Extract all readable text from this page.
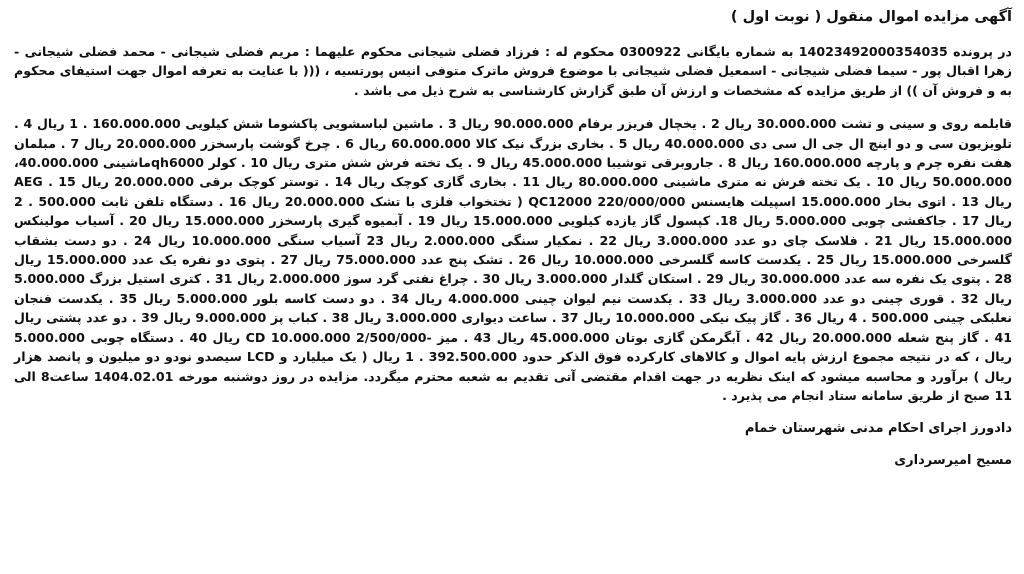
آگهی مزایده اموال منقول ( نوبت اول )

در پرونده 14023492000354035 به شماره بایگانی 0300922 محکوم له : فرزاد فضلی شیجانی محکوم علیهما : مریم فضلی شیجانی - محمد فضلی شیجانی - زهرا اقبال پور - سیما فضلی شیجانی - اسمعیل فضلی شیجانی با موضوع فروش ماترک متوفی انیس پورتسیه ، ((( با عنایت به تعرفه اموال جهت استیفای محکوم به و فروش آن )) از طریق مزایده که مشخصات و ارزش آن طبق گزارش کارشناسی به شرح ذیل می باشد .

قابلمه روی و سینی و تشت 30.000.000 ریال 2 . یخچال فریزر برفام 90.000.000 ریال 3 . ماشین لباسشویی پاکشوما شش کیلویی 160.000.000 . 1 ریال 4 . تلویزیون سی و دو اینچ ال جی ال سی دی 40.000.000 ریال 5 . بخاری بزرگ نیک کالا 60.000.000 ریال 6 . چرخ گوشت پارسخزر 20.000.000 ریال 7 . مبلمان هفت نفره چرم و پارچه 160.000.000 ریال 8 . جاروبرقی توشیبا 45.000.000 ریال 9 . یک تخته فرش شش متری ریال 10 . کولر qh6000ماشینی 40.000.000، 50.000.000 ریال 10 . یک تخته فرش نه متری ماشینی 80.000.000 ریال 11 . بخاری گازی کوچک ریال 14 . توستر کوچک برقی 20.000.000 ریال 15 . AEG ریال 13 . اتوی بخار 15.000.000 اسپیلت هایسنس QC12000 220/000/000 ( تختخواب فلزی با تشک 20.000.000 ریال 16 . دستگاه تلفن ثابت 500.000 . 2 ریال 17 . جاکفشی چوبی 5.000.000 ریال 18. کپسول گاز یازده کیلویی 15.000.000 ریال 19 . آبمیوه گیری پارسخزر 15.000.000 ریال 20 . آسیاب مولینکس 15.000.000 ریال 21 . فلاسک چای دو عدد 3.000.000 ریال 22 . نمکیار سنگی 2.000.000 ریال 23 آسیاب سنگی 10.000.000 ریال 24 . دو دست بشقاب گلسرخی 15.000.000 ریال 25 . یکدست کاسه گلسرخی 10.000.000 ریال 26 . تشک پنج عدد 75.000.000 ریال 27 . پتوی دو نفره یک عدد 15.000.000 ریال 28 . پتوی یک نفره سه عدد 30.000.000 ریال 29 . استکان گلدار 3.000.000 ریال 30 . چراغ نفتی گرد سوز 2.000.000 ریال 31 . کتری استیل بزرگ 5.000.000 ریال 32 . قوری چینی دو عدد 3.000.000 ریال 33 . یکدست نیم لیوان چینی 4.000.000 ریال 34 . دو دست کاسه بلور 5.000.000 ریال 35 . یکدست فنجان نعلبکی چینی 500.000 . 4 ریال 36 . گاز پیک نیکی 10.000.000 ریال 37 . ساعت دیواری 3.000.000 ریال 38 . کباب پز 9.000.000 ریال 39 . دو عدد پشتی ریال 41 . گاز پنج شعله 20.000.000 ریال 42 . آبگرمکن گازی بوتان 45.000.000 ریال 43 . میز -2/500/000 CD 10.000.000 ریال 40 . دستگاه چوبی 5.000.000 ریال ، که در نتیجه مجموع ارزش پایه اموال و کالاهای کارکرده فوق الذکر حدود 392.500.000 . 1 ریال ( یک میلیارد و LCD سیصدو نودو دو میلیون و پانصد هزار ریال ) برآورد و محاسبه میشود که اینک نظریه در جهت اقدام مقتضی آتی تقدیم به شعبه محترم میگردد. مزایده در روز دوشنبه مورخه 1404.02.01 ساعت8 الی 11 صبح از طریق سامانه ستاد انجام می پذیرد .

دادورز اجرای احکام مدنی شهرستان خمام
مسیح امیرسرداری
